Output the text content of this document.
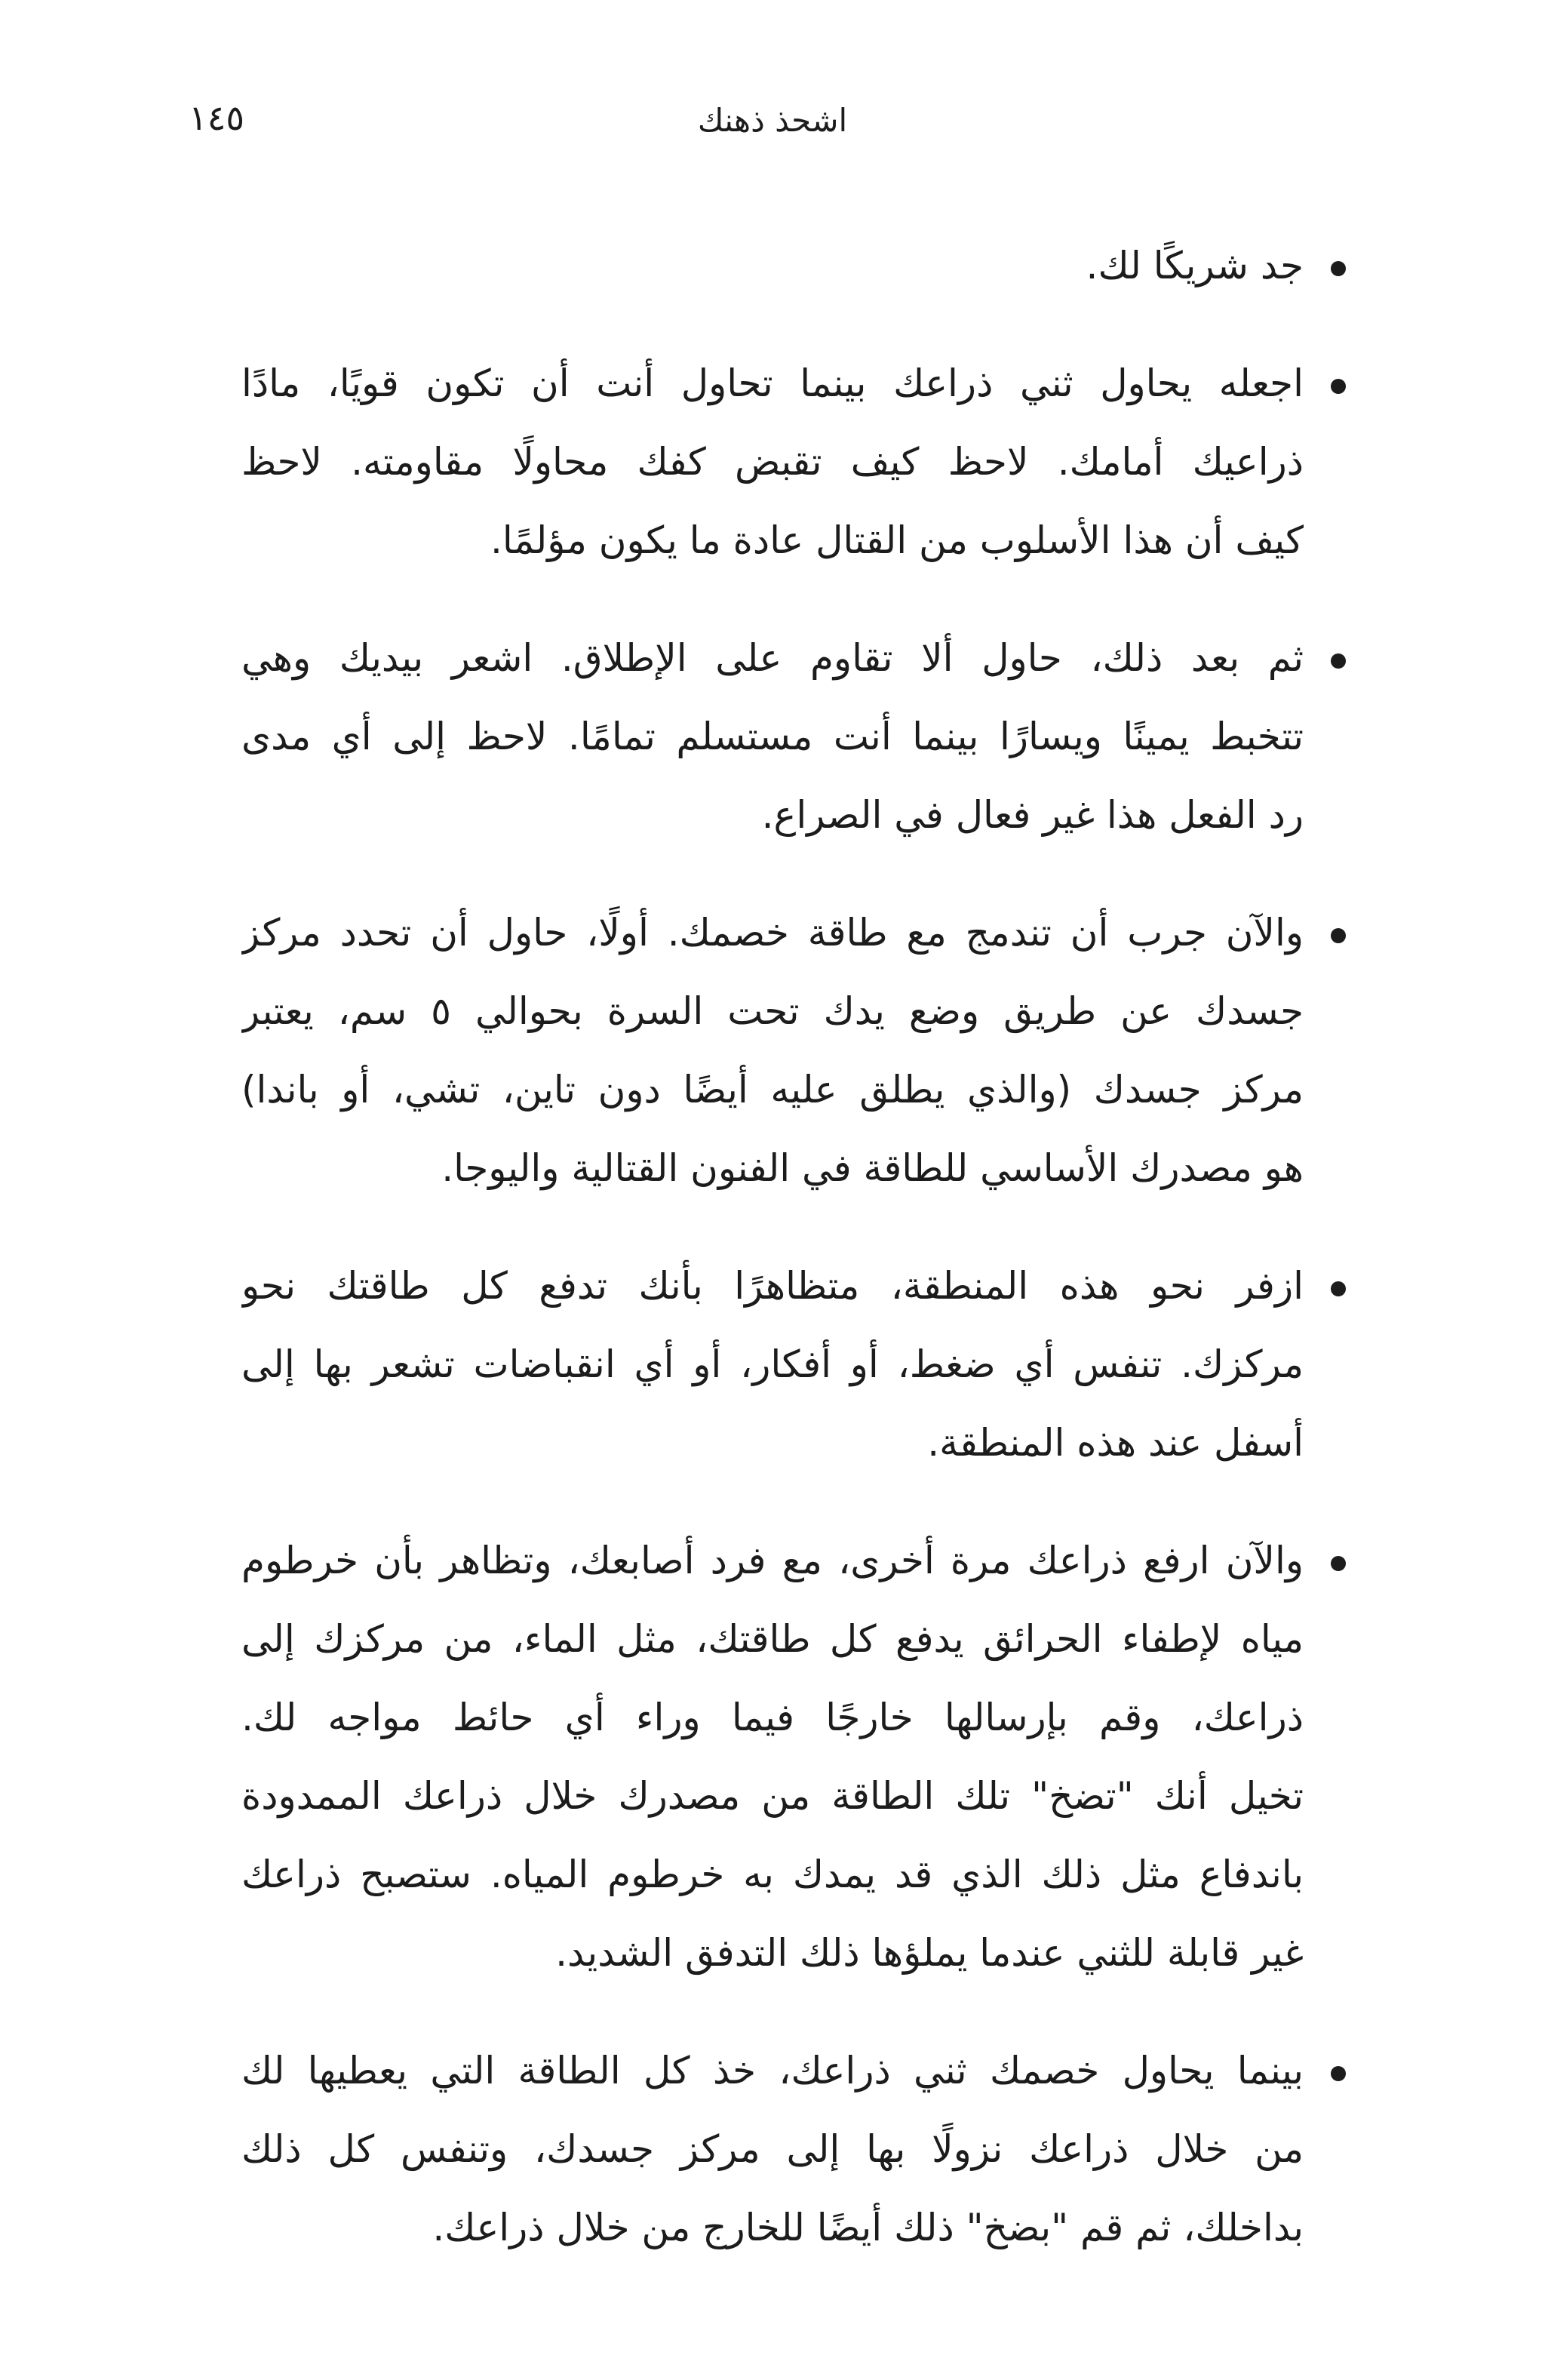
اشحذ ذهنك
١٤٥
جد شريكًا لك.
اجعله يحاول ثني ذراعك بينما تحاول أنت أن تكون قويًا، مادًا
ذراعيك أمامك. لاحظ كيف تقبض كفك محاولًا مقاومته. لاحظ
كيف أن هذا الأسلوب من القتال عادة ما يكون مؤلمًا.
ثم بعد ذلك، حاول ألا تقاوم على الإطلاق. اشعر بيديك وهي
تتخبط يمينًا ويسارًا بينما أنت مستسلم تمامًا. لاحظ إلى أي مدى
رد الفعل هذا غير فعال في الصراع.
والآن جرب أن تندمج مع طاقة خصمك. أولًا، حاول أن تحدد مركز
جسدك عن طريق وضع يدك تحت السرة بحوالي ٥ سم، يعتبر
مركز جسدك (والذي يطلق عليه أيضًا دون تاين، تشي، أو باندا)
هو مصدرك الأساسي للطاقة في الفنون القتالية واليوجا.
ازفر نحو هذه المنطقة، متظاهرًا بأنك تدفع كل طاقتك نحو
مركزك. تنفس أي ضغط، أو أفكار، أو أي انقباضات تشعر بها إلى
أسفل عند هذه المنطقة.
والآن ارفع ذراعك مرة أخرى، مع فرد أصابعك، وتظاهر بأن خرطوم
مياه لإطفاء الحرائق يدفع كل طاقتك، مثل الماء، من مركزك إلى
ذراعك، وقم بإرسالها خارجًا فيما وراء أي حائط مواجه لك.
تخيل أنك "تضخ" تلك الطاقة من مصدرك خلال ذراعك الممدودة
باندفاع مثل ذلك الذي قد يمدك به خرطوم المياه. ستصبح ذراعك
غير قابلة للثني عندما يملؤها ذلك التدفق الشديد.
بينما يحاول خصمك ثني ذراعك، خذ كل الطاقة التي يعطيها لك
من خلال ذراعك نزولًا بها إلى مركز جسدك، وتنفس كل ذلك
بداخلك، ثم قم "بضخ" ذلك أيضًا للخارج من خلال ذراعك.
